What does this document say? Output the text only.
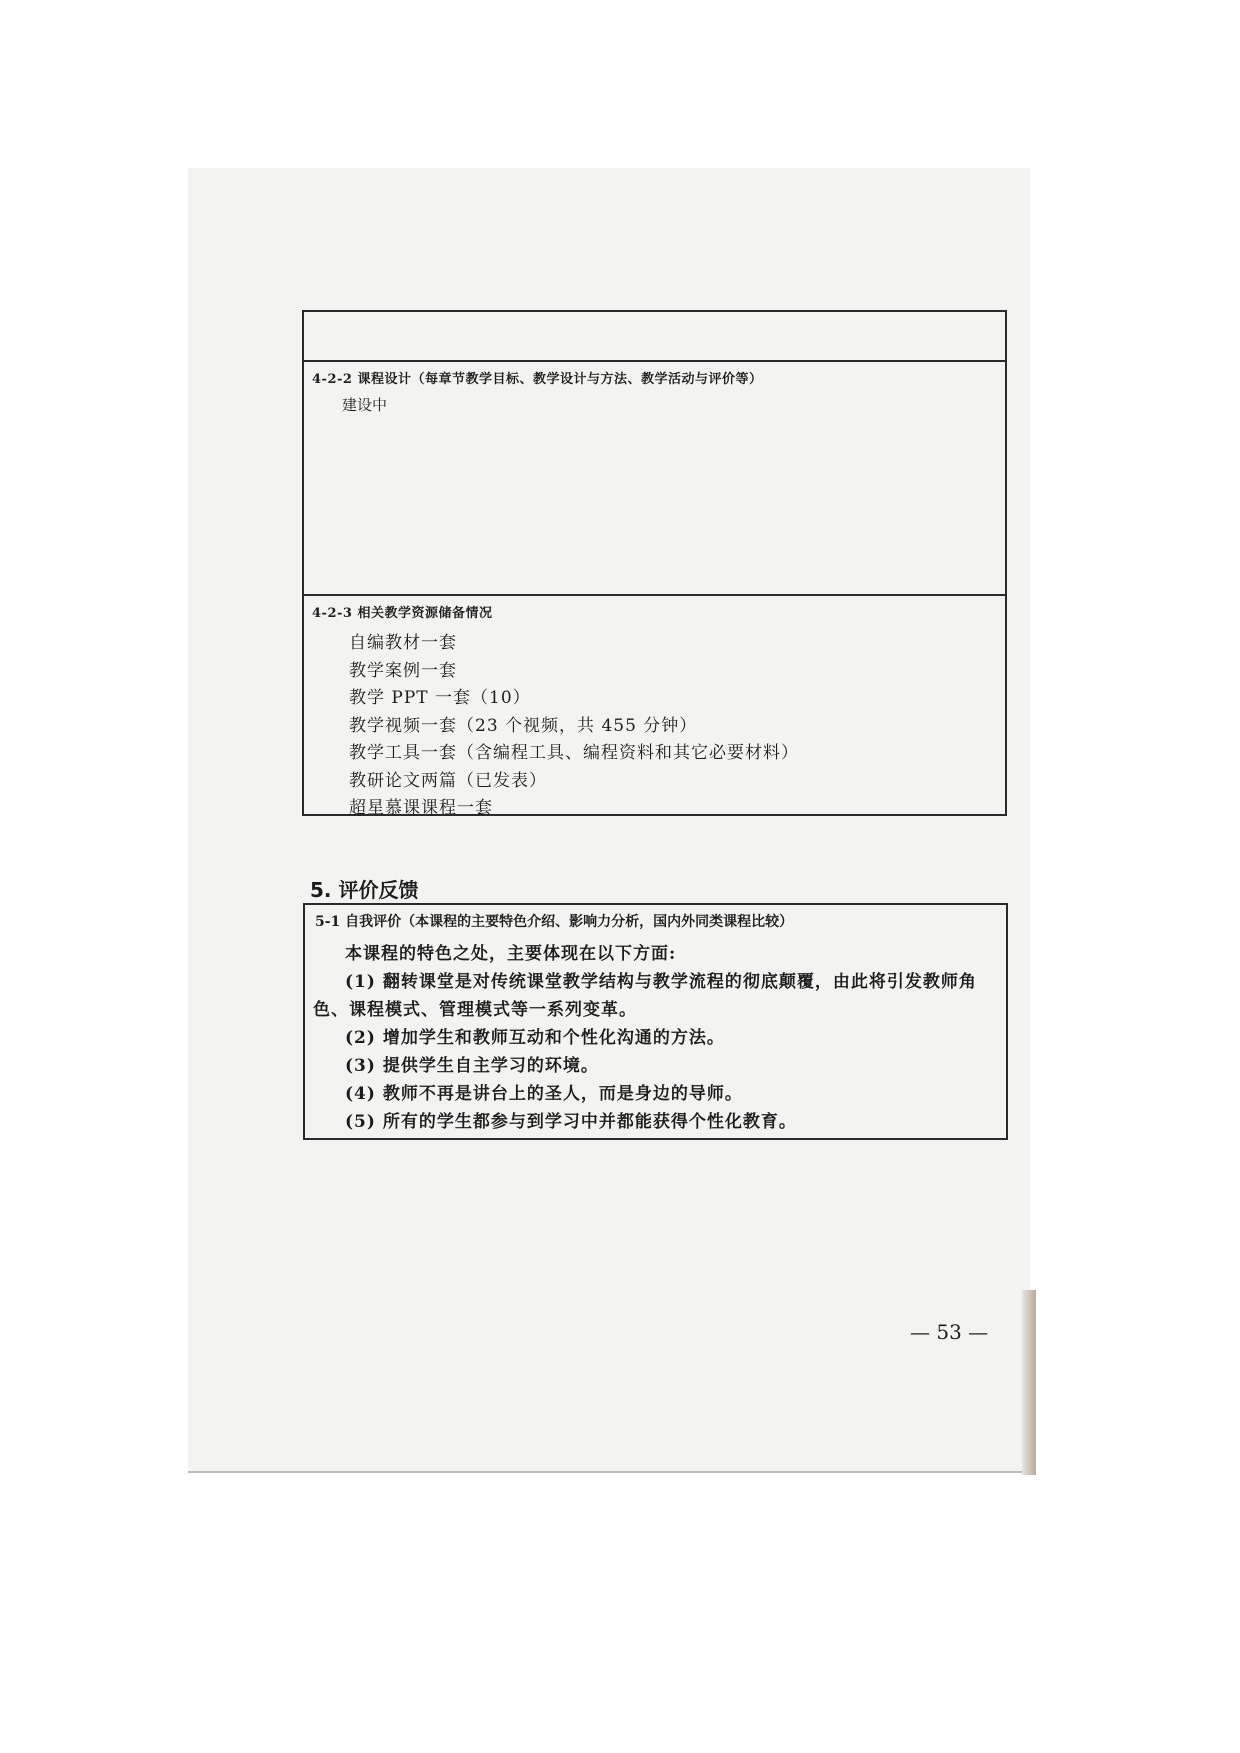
4-2-2 课程设计（每章节教学目标、教学设计与方法、教学活动与评价等）
建设中
4-2-3 相关教学资源储备情况
自编教材一套
教学案例一套
教学 PPT 一套（10）
教学视频一套（23 个视频，共 455 分钟）
教学工具一套（含编程工具、编程资料和其它必要材料）
教研论文两篇（已发表）
超星慕课课程一套
5. 评价反馈
5-1 自我评价（本课程的主要特色介绍、影响力分析，国内外同类课程比较）
本课程的特色之处，主要体现在以下方面:
(1) 翻转课堂是对传统课堂教学结构与教学流程的彻底颠覆，由此将引发教师角
色、课程模式、管理模式等一系列变革。
(2) 增加学生和教师互动和个性化沟通的方法。
(3) 提供学生自主学习的环境。
(4) 教师不再是讲台上的圣人，而是身边的导师。
(5) 所有的学生都参与到学习中并都能获得个性化教育。
— 53 —
